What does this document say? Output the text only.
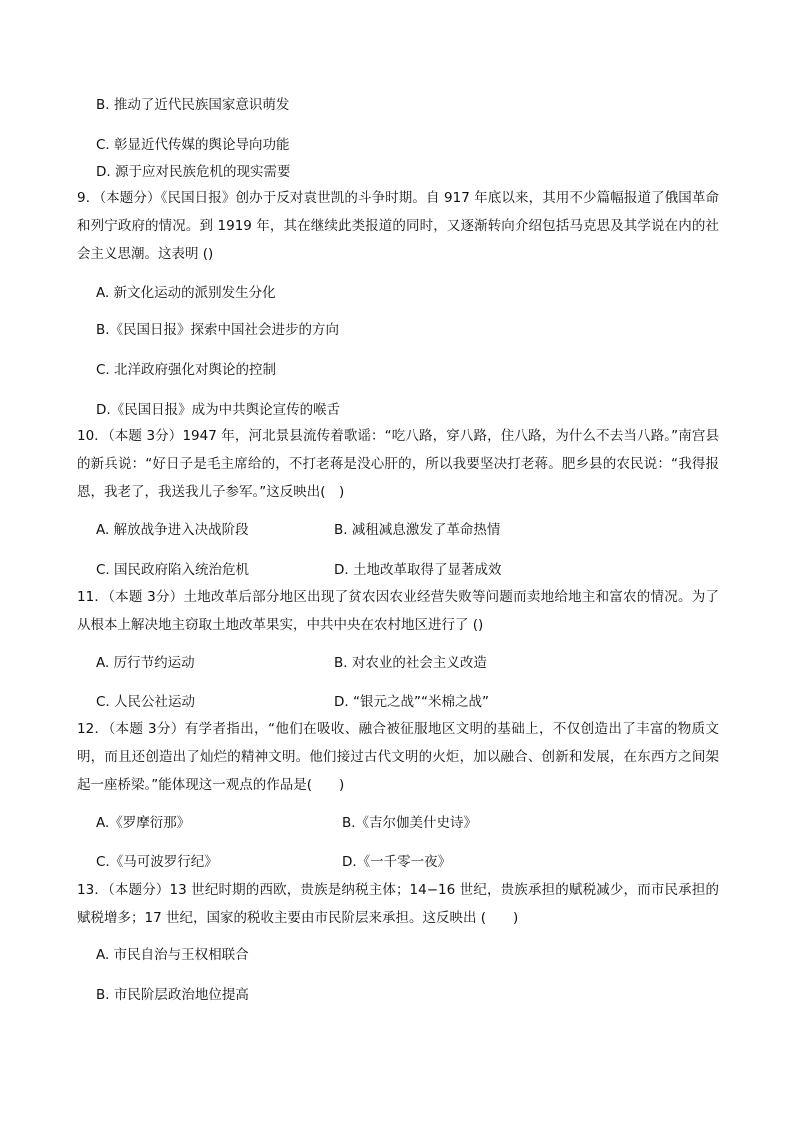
B. 推动了近代民族国家意识萌发
C. 彰显近代传媒的舆论导向功能
D. 源于应对民族危机的现实需要
9．（本题分）《民国日报》创办于反对袁世凯的斗争时期。自 917 年底以来，其用不少篇幅报道了俄国革命和列宁政府的情况。到 1919 年，其在继续此类报道的同时，又逐渐转向介绍包括马克思及其学说在内的社会主义思潮。这表明 ()
A. 新文化运动的派别发生分化
B.《民国日报》探索中国社会进步的方向
C. 北洋政府强化对舆论的控制
D.《民国日报》成为中共舆论宣传的喉舌
10．（本题 3分）1947 年，河北景县流传着歌谣：“吃八路，穿八路，住八路，为什么不去当八路。”南宫县的新兵说：“好日子是毛主席给的，不打老蒋是没心肝的，所以我要坚决打老蒋。肥乡县的农民说：“我得报恩，我老了，我送我儿子参军。”这反映出(　)
A. 解放战争进入决战阶段	B. 减租减息激发了革命热情
C. 国民政府陷入统治危机	D. 土地改革取得了显著成效
11．（本题 3分）土地改革后部分地区出现了贫农因农业经营失败等问题而卖地给地主和富农的情况。为了从根本上解决地主窃取土地改革果实，中共中央在农村地区进行了 ()
A. 厉行节约运动	B. 对农业的社会主义改造
C. 人民公社运动	D. “银元之战”“米棉之战”
12．（本题 3分）有学者指出，“他们在吸收、融合被征服地区文明的基础上，不仅创造出了丰富的物质文明，而且还创造出了灿烂的精神文明。他们接过古代文明的火炬，加以融合、创新和发展，在东西方之间架起一座桥梁。”能体现这一观点的作品是(　　)
A.《罗摩衍那》	B.《吉尔伽美什史诗》
C.《马可波罗行纪》	D.《一千零一夜》
13．（本题分）13 世纪时期的西欧，贵族是纳税主体；14−16 世纪，贵族承担的赋税减少，而市民承担的赋税增多；17 世纪，国家的税收主要由市民阶层来承担。这反映出 (　　)
A. 市民自治与王权相联合
B. 市民阶层政治地位提高
